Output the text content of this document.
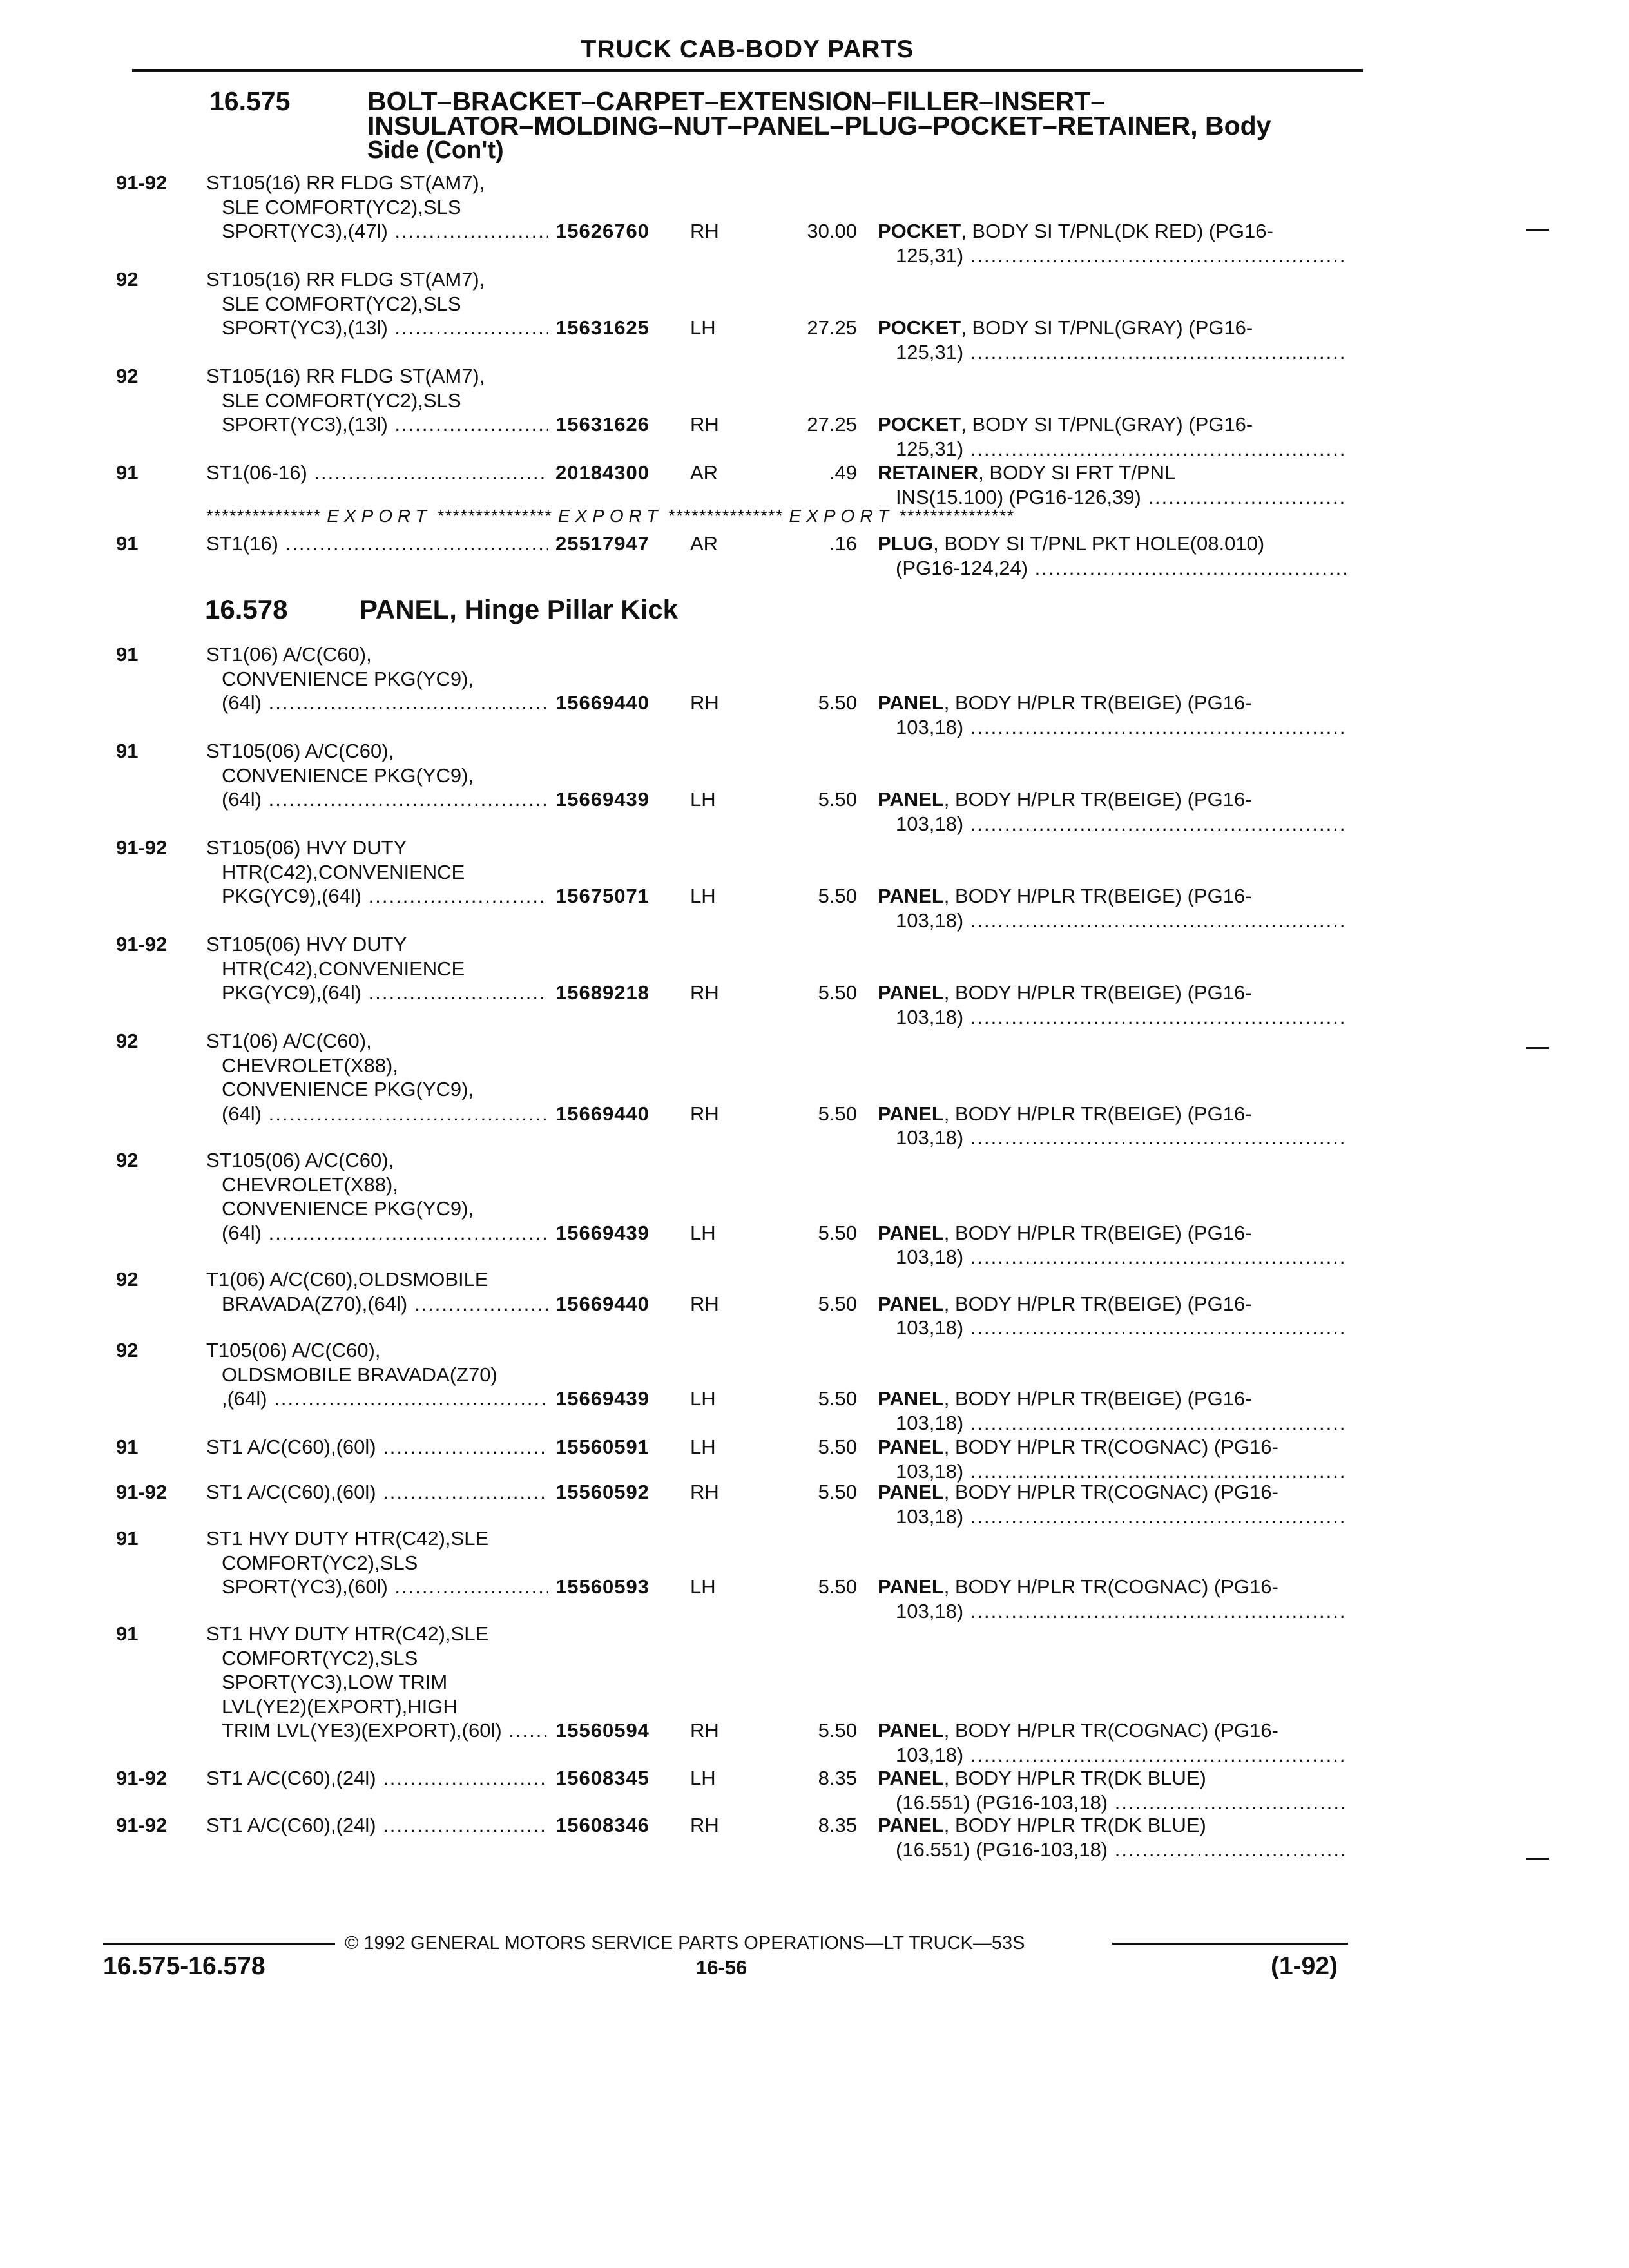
TRUCK CAB-BODY PARTS
16.575	BOLT–BRACKET–CARPET–EXTENSION–FILLER–INSERT–
INSULATOR–MOLDING–NUT–PANEL–PLUG–POCKET–RETAINER, Body
Side (Con't)
91-92 ST105(16) RR FLDG ST(AM7),
SLE COMFORT(YC2),SLS
SPORT(YC3),(47l) .....	15626760 RH	30.00 POCKET, BODY SI T/PNL(DK RED) (PG16-
125,31) .....
92	ST105(16) RR FLDG ST(AM7),
SLE COMFORT(YC2),SLS
SPORT(YC3),(13l) .....	15631625 LH	27.25 POCKET, BODY SI T/PNL(GRAY) (PG16-
125,31) .....
92	ST105(16) RR FLDG ST(AM7),
SLE COMFORT(YC2),SLS
SPORT(YC3),(13l) .....	15631626 RH	27.25 POCKET, BODY SI T/PNL(GRAY) (PG16-
125,31) .....
91	ST1(06-16) .....	20184300 AR	.49 RETAINER, BODY SI FRT T/PNL
INS(15.100) (PG16-126,39) .....
91	ST1(16) .....	25517947 AR	.16 PLUG, BODY SI T/PNL PKT HOLE(08.010)
(PG16-124,24) .....
*************** EXPORT *************** EXPORT *************** EXPORT ***************
16.578	PANEL, Hinge Pillar Kick
91	ST1(06) A/C(C60),
CONVENIENCE PKG(YC9),
(64l) .....	15669440 RH	5.50 PANEL, BODY H/PLR TR(BEIGE) (PG16-
103,18) .....
91	ST105(06) A/C(C60),
CONVENIENCE PKG(YC9),
(64l) .....	15669439 LH	5.50 PANEL, BODY H/PLR TR(BEIGE) (PG16-
103,18) .....
91-92 ST105(06) HVY DUTY
HTR(C42),CONVENIENCE
PKG(YC9),(64l) .....	15675071 LH	5.50 PANEL, BODY H/PLR TR(BEIGE) (PG16-
103,18) .....
91-92 ST105(06) HVY DUTY
HTR(C42),CONVENIENCE
PKG(YC9),(64l) .....	15689218 RH	5.50 PANEL, BODY H/PLR TR(BEIGE) (PG16-
103,18) .....
92	ST1(06) A/C(C60),
CHEVROLET(X88),
CONVENIENCE PKG(YC9),
(64l) .....	15669440 RH	5.50 PANEL, BODY H/PLR TR(BEIGE) (PG16-
103,18) .....
92	ST105(06) A/C(C60),
CHEVROLET(X88),
CONVENIENCE PKG(YC9),
(64l) .....	15669439 LH	5.50 PANEL, BODY H/PLR TR(BEIGE) (PG16-
103,18) .....
92	T1(06) A/C(C60),OLDSMOBILE
BRAVADA(Z70),(64l) .....	15669440 RH	5.50 PANEL, BODY H/PLR TR(BEIGE) (PG16-
103,18) .....
92	T105(06) A/C(C60),
OLDSMOBILE BRAVADA(Z70)
,(64l) .....	15669439 LH	5.50 PANEL, BODY H/PLR TR(BEIGE) (PG16-
103,18) .....
91	ST1 A/C(C60),(60l) .....	15560591 LH	5.50 PANEL, BODY H/PLR TR(COGNAC) (PG16-
103,18) .....
91-92 ST1 A/C(C60),(60l) .....	15560592 RH	5.50 PANEL, BODY H/PLR TR(COGNAC) (PG16-
103,18) .....
91	ST1 HVY DUTY HTR(C42),SLE
COMFORT(YC2),SLS
SPORT(YC3),(60l) .....	15560593 LH	5.50 PANEL, BODY H/PLR TR(COGNAC) (PG16-
103,18) .....
91	ST1 HVY DUTY HTR(C42),SLE
COMFORT(YC2),SLS
SPORT(YC3),LOW TRIM
LVL(YE2)(EXPORT),HIGH
TRIM LVL(YE3)(EXPORT),(60l) .....	15560594 RH	5.50 PANEL, BODY H/PLR TR(COGNAC) (PG16-
103,18) .....
91-92 ST1 A/C(C60),(24l) .....	15608345 LH	8.35 PANEL, BODY H/PLR TR(DK BLUE)
(16.551) (PG16-103,18) .....
91-92 ST1 A/C(C60),(24l) .....	15608346 RH	8.35 PANEL, BODY H/PLR TR(DK BLUE)
(16.551) (PG16-103,18) .....
© 1992 GENERAL MOTORS SERVICE PARTS OPERATIONS—LT TRUCK—53S
16.575-16.578	16-56	(1-92)
